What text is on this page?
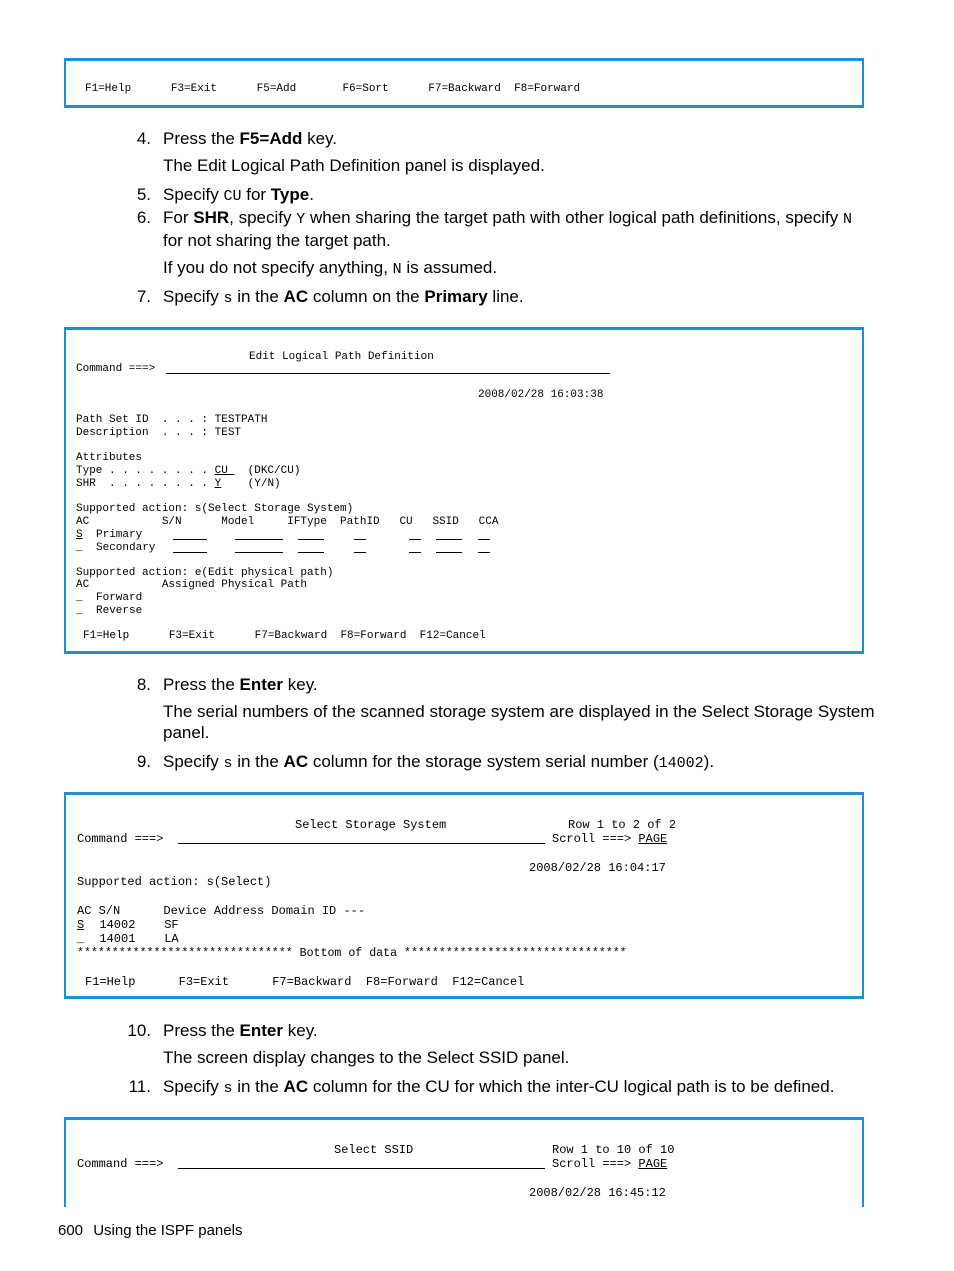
F1=Help      F3=Exit      F5=Add       F6=Sort      F7=Backward  F8=Forward
4. Press the F5=Add key.
The Edit Logical Path Definition panel is displayed.
5. Specify CU for Type.
6. For SHR, specify Y when sharing the target path with other logical path definitions, specify N
for not sharing the target path.
If you do not specify anything, N is assumed.
7. Specify s in the AC column on the Primary line.
Edit Logical Path Definition
Command ===>
2008/02/28 16:03:38
Path Set ID  . . . : TESTPATH
Description  . . . : TEST
Attributes
Type . . . . . . . . CU   (DKC/CU)
SHR  . . . . . . . . Y    (Y/N)
Supported action: s(Select Storage System)
AC           S/N      Model     IFType  PathID   CU   SSID   CCA
S Primary
_ Secondary
Supported action: e(Edit physical path)
AC           Assigned Physical Path
_ Forward
_ Reverse
F1=Help      F3=Exit      F7=Backward  F8=Forward  F12=Cancel
8. Press the Enter key.
The serial numbers of the scanned storage system are displayed in the Select Storage System
panel.
9. Specify s in the AC column for the storage system serial number (14002).
Select Storage System	Row 1 to 2 of 2
Command ===>	Scroll ===> PAGE
2008/02/28 16:04:17
Supported action: s(Select)
AC S/N      Device Address Domain ID ---
S 14002    SF
_ 14001    LA
******************************* Bottom of data ********************************
F1=Help      F3=Exit      F7=Backward  F8=Forward  F12=Cancel
10. Press the Enter key.
The screen display changes to the Select SSID panel.
11. Specify s in the AC column for the CU for which the inter-CU logical path is to be defined.
Select SSID	Row 1 to 10 of 10
Command ===>	Scroll ===> PAGE
2008/02/28 16:45:12
600 Using the ISPF panels
